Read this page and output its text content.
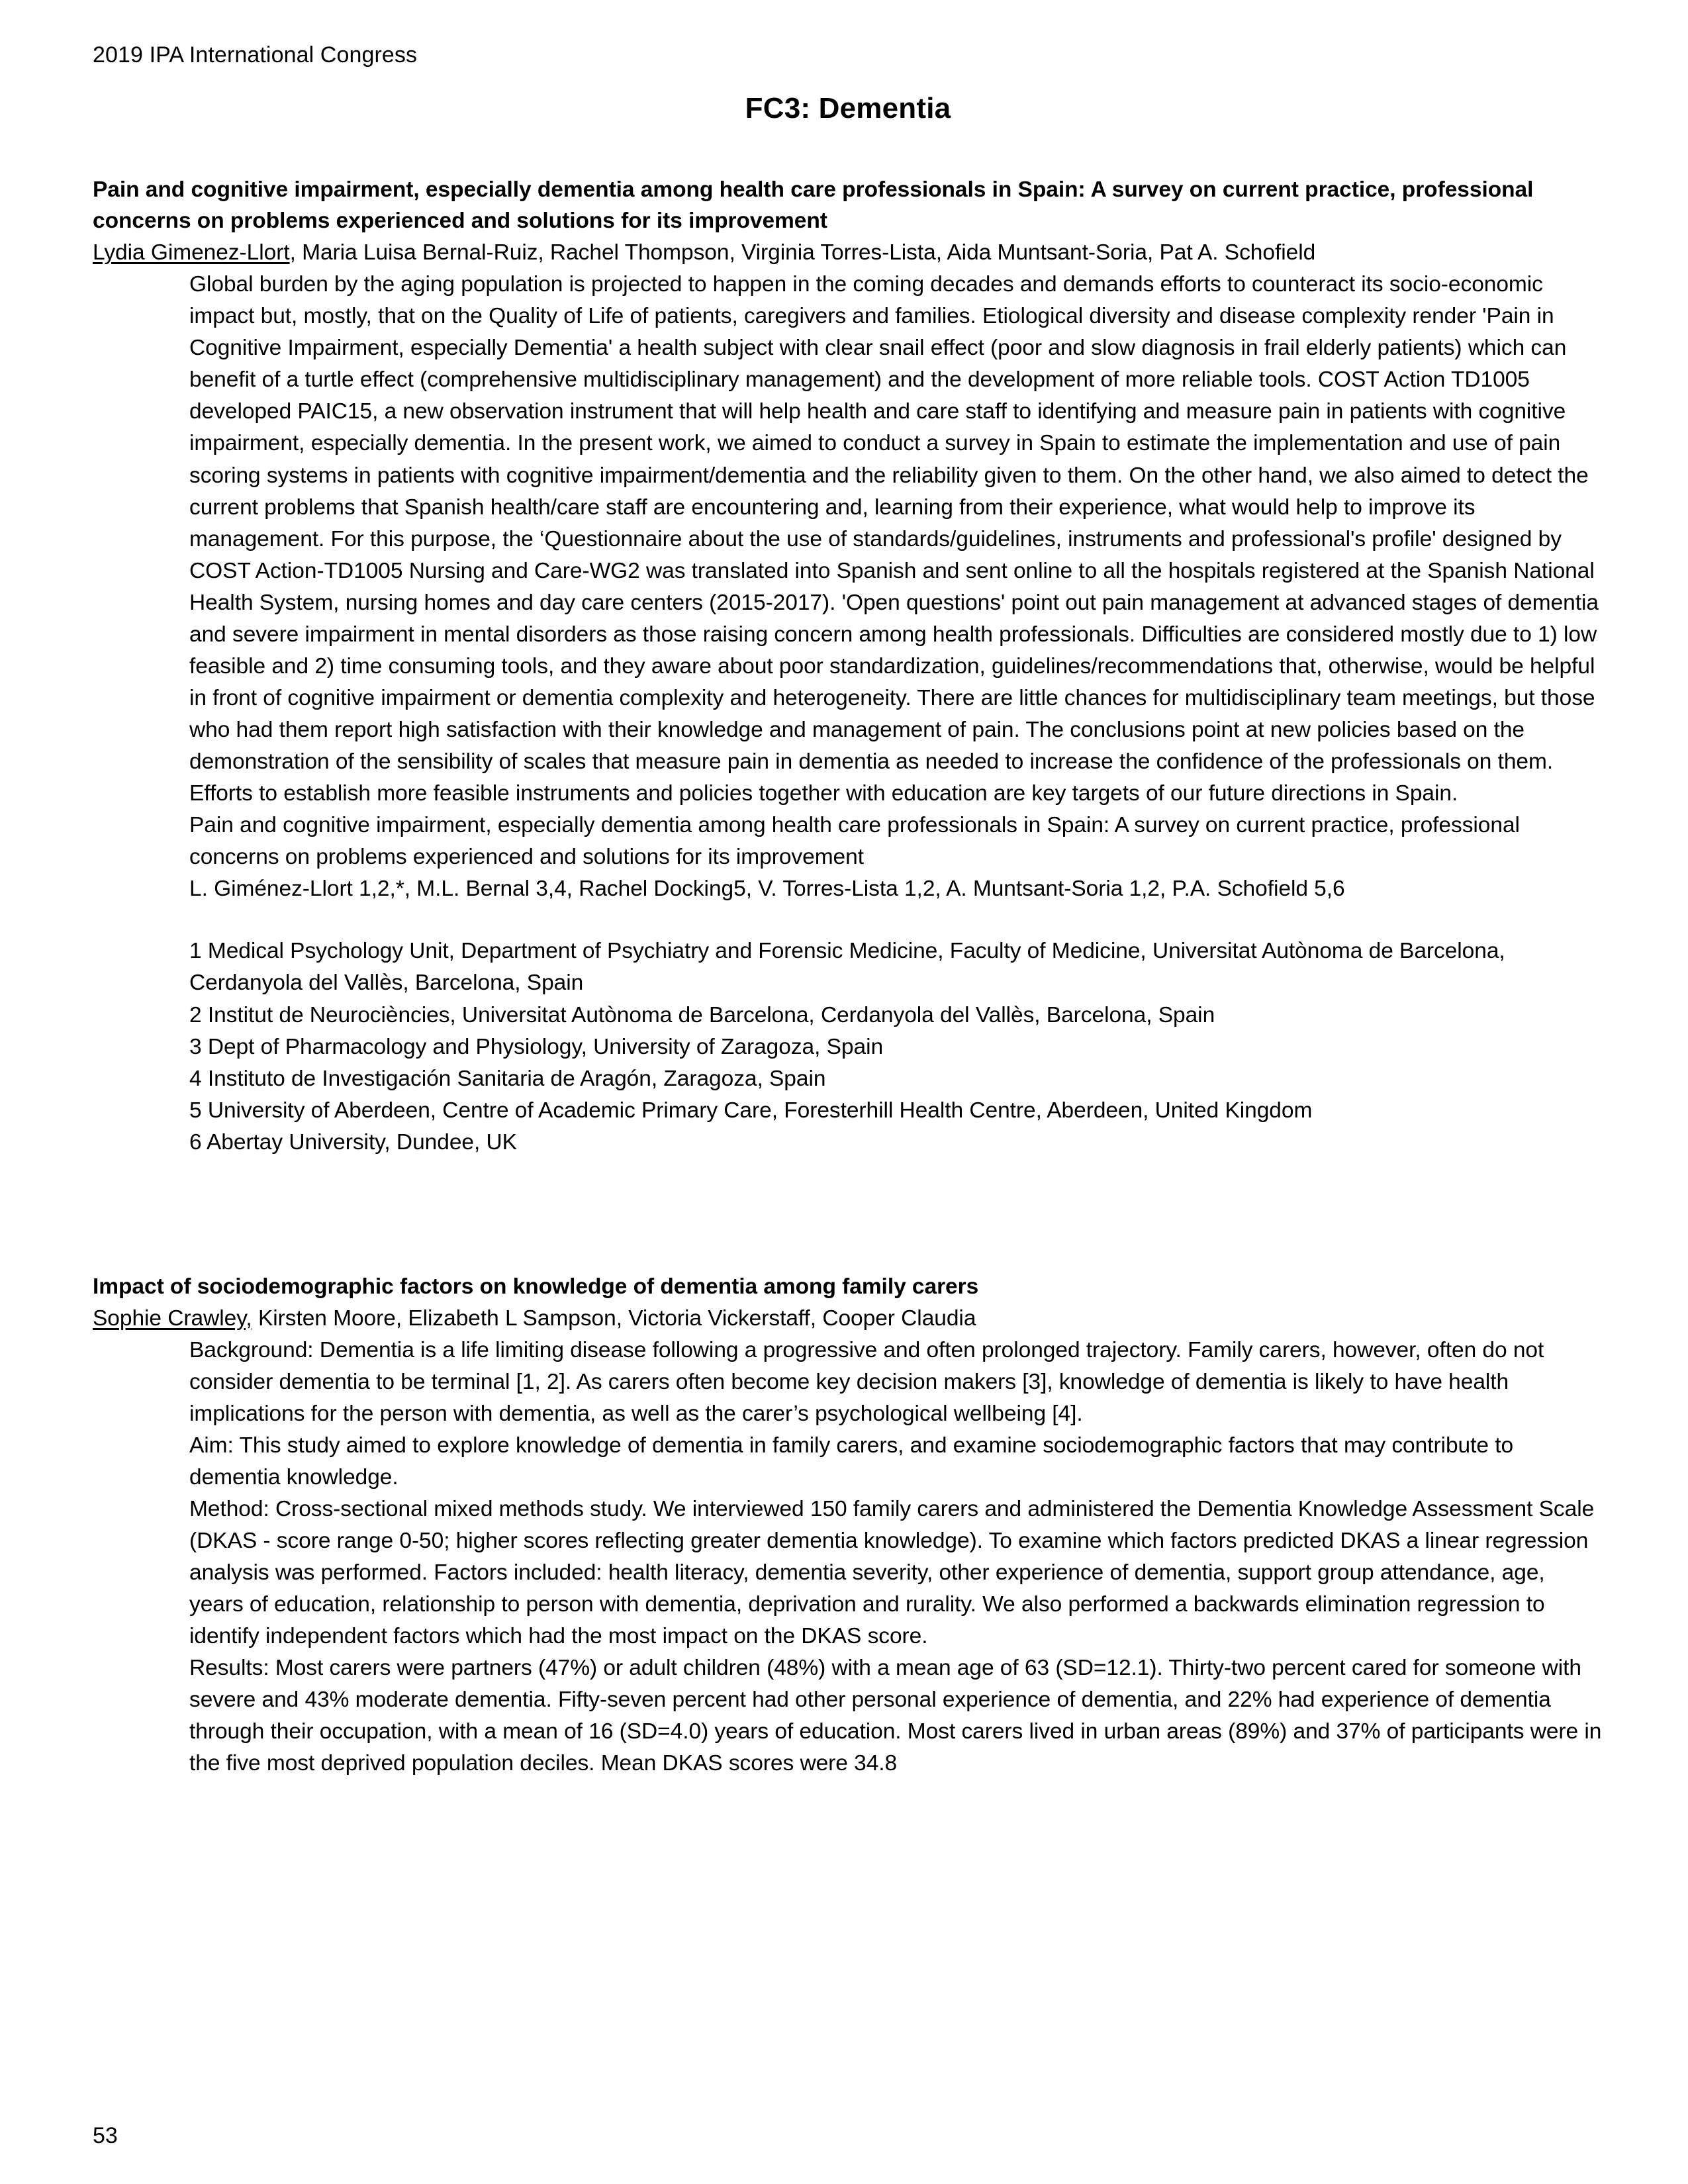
2019 IPA International Congress
FC3: Dementia
Pain and cognitive impairment, especially dementia among health care professionals in Spain: A survey on current practice, professional concerns on problems experienced and solutions for its improvement
Lydia Gimenez-Llort, Maria Luisa Bernal-Ruiz, Rachel Thompson, Virginia Torres-Lista, Aida Muntsant-Soria, Pat A. Schofield

Global burden by the aging population is projected to happen in the coming decades and demands efforts to counteract its socio-economic impact but, mostly, that on the Quality of Life of patients, caregivers and families. Etiological diversity and disease complexity render 'Pain in Cognitive Impairment, especially Dementia' a health subject with clear snail effect (poor and slow diagnosis in frail elderly patients) which can benefit of a turtle effect (comprehensive multidisciplinary management) and the development of more reliable tools. COST Action TD1005 developed PAIC15, a new observation instrument that will help health and care staff to identifying and measure pain in patients with cognitive impairment, especially dementia. In the present work, we aimed to conduct a survey in Spain to estimate the implementation and use of pain scoring systems in patients with cognitive impairment/dementia and the reliability given to them. On the other hand, we also aimed to detect the current problems that Spanish health/care staff are encountering and, learning from their experience, what would help to improve its management. For this purpose, the ‘Questionnaire about the use of standards/guidelines, instruments and professional's profile' designed by COST Action-TD1005 Nursing and Care-WG2 was translated into Spanish and sent online to all the hospitals registered at the Spanish National Health System, nursing homes and day care centers (2015-2017). 'Open questions' point out pain management at advanced stages of dementia and severe impairment in mental disorders as those raising concern among health professionals. Difficulties are considered mostly due to 1) low feasible and 2) time consuming tools, and they aware about poor standardization, guidelines/recommendations that, otherwise, would be helpful in front of cognitive impairment or dementia complexity and heterogeneity. There are little chances for multidisciplinary team meetings, but those who had them report high satisfaction with their knowledge and management of pain. The conclusions point at new policies based on the demonstration of the sensibility of scales that measure pain in dementia as needed to increase the confidence of the professionals on them. Efforts to establish more feasible instruments and policies together with education are key targets of our future directions in Spain.

Pain and cognitive impairment, especially dementia among health care professionals in Spain: A survey on current practice, professional concerns on problems experienced and solutions for its improvement

L. Giménez-Llort 1,2,*, M.L. Bernal 3,4, Rachel Docking5, V. Torres-Lista 1,2, A. Muntsant-Soria 1,2, P.A. Schofield 5,6

1 Medical Psychology Unit, Department of Psychiatry and Forensic Medicine, Faculty of Medicine, Universitat Autònoma de Barcelona, Cerdanyola del Vallès, Barcelona, Spain

2 Institut de Neurociències, Universitat Autònoma de Barcelona, Cerdanyola del Vallès, Barcelona, Spain

3 Dept of Pharmacology and Physiology, University of Zaragoza, Spain

4 Instituto de Investigación Sanitaria de Aragón, Zaragoza, Spain

5 University of Aberdeen, Centre of Academic Primary Care, Foresterhill Health Centre, Aberdeen, United Kingdom

6 Abertay University, Dundee, UK

Impact of sociodemographic factors on knowledge of dementia among family carers
Sophie Crawley, Kirsten Moore, Elizabeth L Sampson, Victoria Vickerstaff, Cooper Claudia

Background: Dementia is a life limiting disease following a progressive and often prolonged trajectory. Family carers, however, often do not consider dementia to be terminal [1, 2]. As carers often become key decision makers [3], knowledge of dementia is likely to have health implications for the person with dementia, as well as the carer’s psychological wellbeing [4].

Aim: This study aimed to explore knowledge of dementia in family carers, and examine sociodemographic factors that may contribute to dementia knowledge.

Method: Cross-sectional mixed methods study. We interviewed 150 family carers and administered the Dementia Knowledge Assessment Scale (DKAS - score range 0-50; higher scores reflecting greater dementia knowledge). To examine which factors predicted DKAS a linear regression analysis was performed. Factors included: health literacy, dementia severity, other experience of dementia, support group attendance, age, years of education, relationship to person with dementia, deprivation and rurality. We also performed a backwards elimination regression to identify independent factors which had the most impact on the DKAS score.

Results: Most carers were partners (47%) or adult children (48%) with a mean age of 63 (SD=12.1). Thirty-two percent cared for someone with severe and 43% moderate dementia. Fifty-seven percent had other personal experience of dementia, and 22% had experience of dementia through their occupation, with a mean of 16 (SD=4.0) years of education. Most carers lived in urban areas (89%) and 37% of participants were in the five most deprived population deciles. Mean DKAS scores were 34.8

53
